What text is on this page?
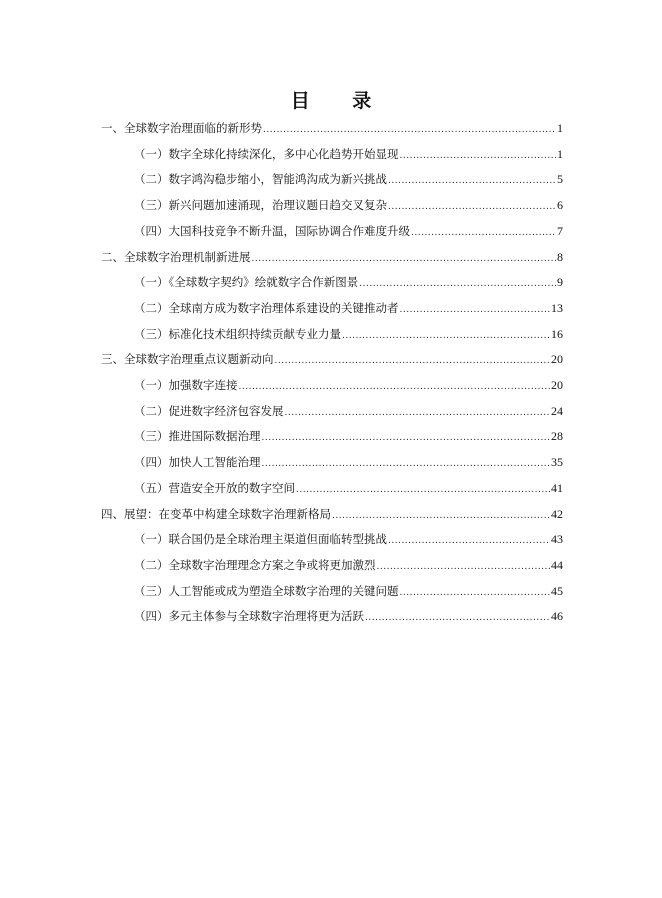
目 录
一、全球数字治理面临的新形势 .....	1
（一）数字全球化持续深化，多中心化趋势开始显现 .....	1
（二）数字鸿沟稳步缩小，智能鸿沟成为新兴挑战 .....	5
（三）新兴问题加速涌现，治理议题日趋交叉复杂 .....	6
（四）大国科技竞争不断升温，国际协调合作难度升级 .....	7
二、全球数字治理机制新进展 .....	8
（一）《全球数字契约》绘就数字合作新图景 .....	9
（二）全球南方成为数字治理体系建设的关键推动者 .....	13
（三）标准化技术组织持续贡献专业力量 .....	16
三、全球数字治理重点议题新动向 .....	20
（一）加强数字连接 .....	20
（二）促进数字经济包容发展 .....	24
（三）推进国际数据治理 .....	28
（四）加快人工智能治理 .....	35
（五）营造安全开放的数字空间 .....	41
四、展望：在变革中构建全球数字治理新格局 .....	42
（一）联合国仍是全球治理主渠道但面临转型挑战 .....	43
（二）全球数字治理理念方案之争或将更加激烈 .....	44
（三）人工智能或成为塑造全球数字治理的关键问题 .....	45
（四）多元主体参与全球数字治理将更为活跃 .....	46
